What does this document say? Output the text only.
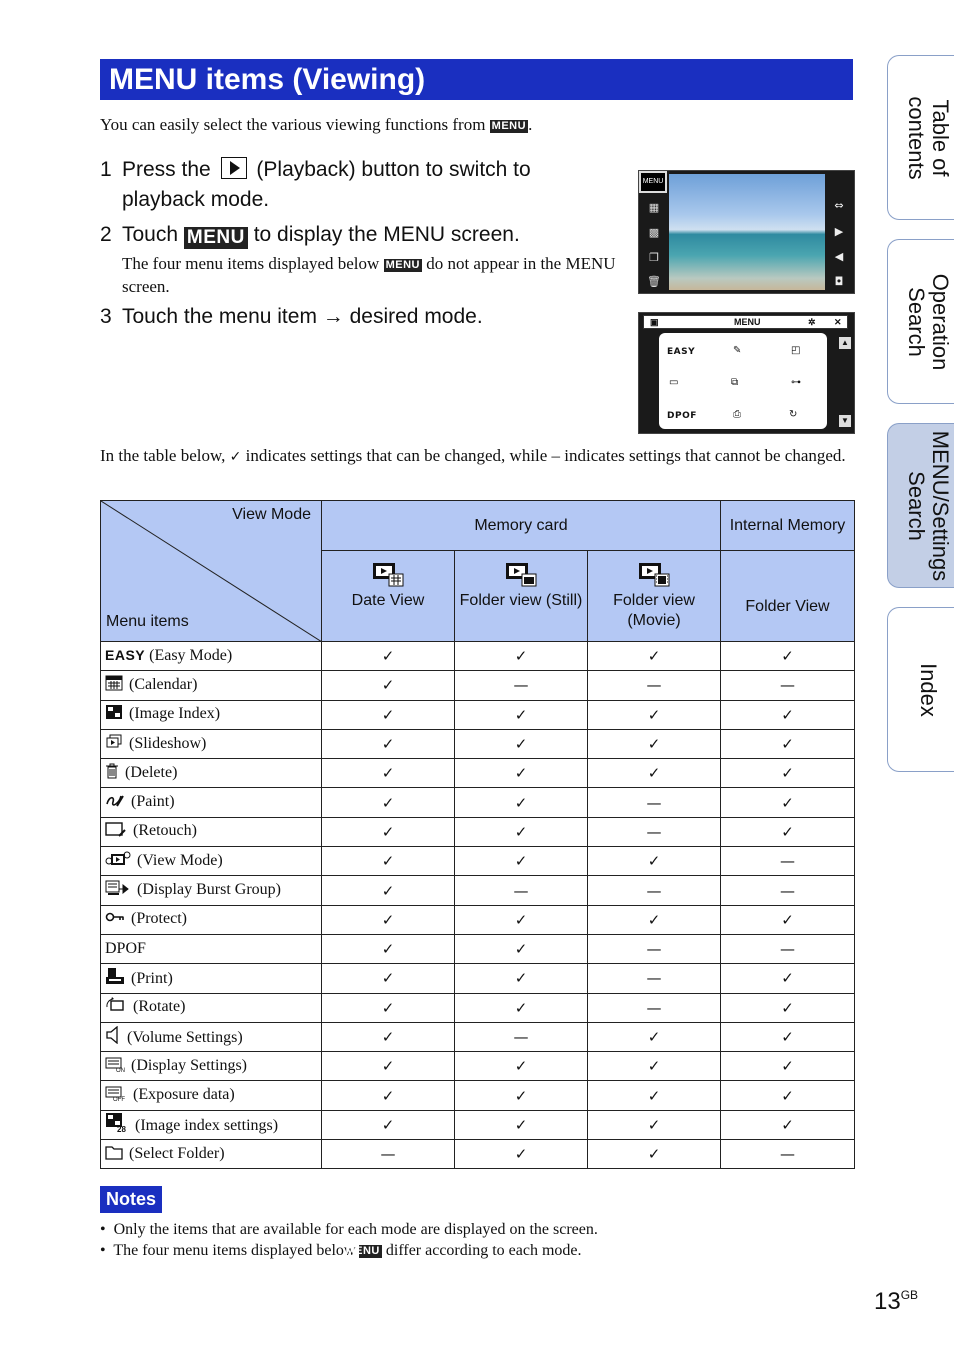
MENU items (Viewing)
You can easily select the various viewing functions from MENU .
1 Press the (Playback) button to switch to playback mode.
2 Touch MENU to display the MENU screen.
The four menu items displayed below MENU do not appear in the MENU screen.
3 Touch the menu item → desired mode.
MENU
▦
▩
❐
🗑
⇔
▶
◀
◘
▣	MENU	✲ ✕
EASY	✎	◰
▭	⧉	⊶
DPOF	⎙	↻
▲
▼
In the table below, ✓ indicates settings that can be changed, while – indicates settings that cannot be changed.
View Mode
Menu items	Memory card			Internal Memory

	Date View	Folder view (Still)	Folder view (Movie)	Folder View
EASY (Easy Mode)	✓	✓	✓	✓
(Calendar)	✓	—	—	—
(Image Index)	✓	✓	✓	✓
(Slideshow)	✓	✓	✓	✓
(Delete)	✓	✓	✓	✓
(Paint)	✓	✓	—	✓
(Retouch)	✓	✓	—	✓
(View Mode)	✓	✓	✓	—
(Display Burst Group)	✓	—	—	—
(Protect)	✓	✓	✓	✓
DPOF	✓	✓	—	—
(Print)	✓	✓	—	✓
(Rotate)	✓	✓	—	✓
(Volume Settings)	✓	—	✓	✓

ON (Display Settings)	✓	✓	✓	✓

OFF (Exposure data)	✓	✓	✓	✓

28 (Image index settings)	✓	✓	✓	✓
(Select Folder)	—	✓	✓	—
Notes
•  Only the items that are available for each mode are displayed on the screen.
•  The four menu items displayed below MENU differ according to each mode.
$13^{GB}$
Table of contents
Operation Search
MENU/Settings Search
Index
